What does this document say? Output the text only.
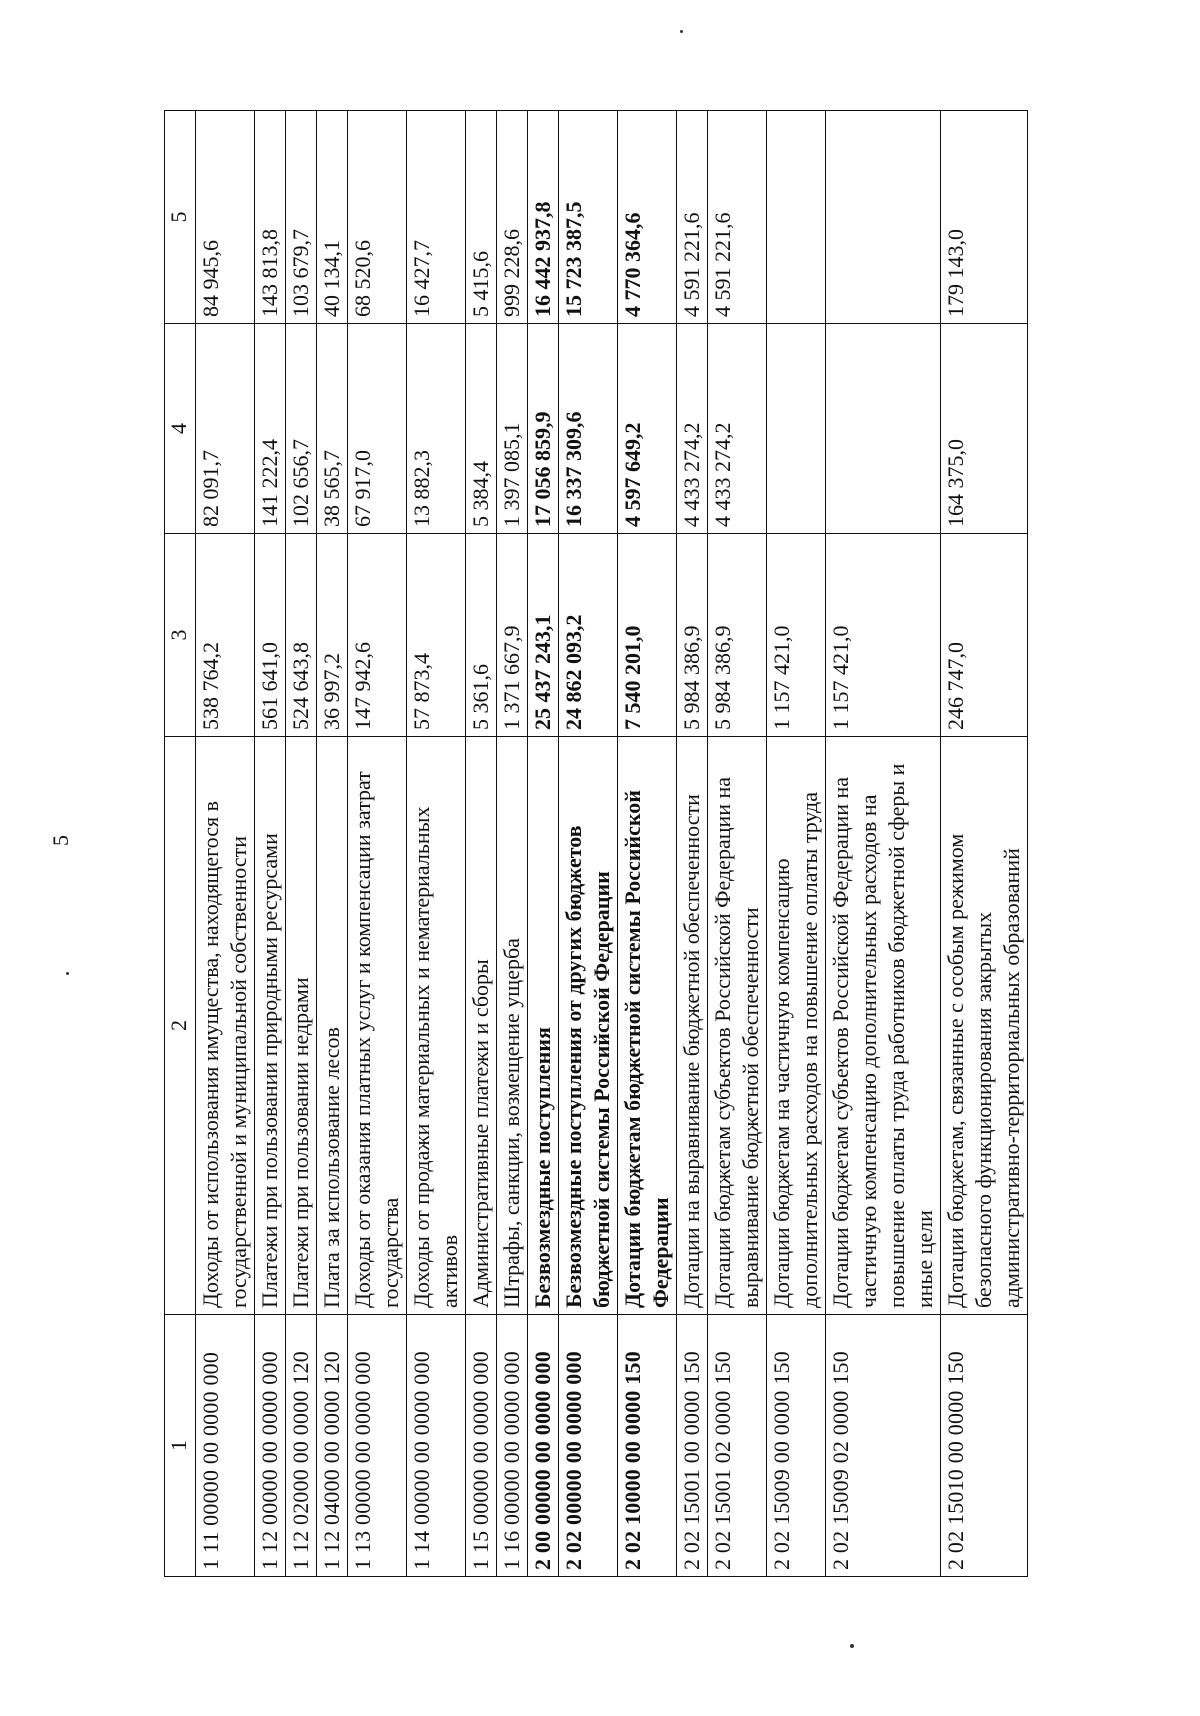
5
1	2	3	4	5
1 11 00000 00 0000 000	Доходы от использования имущества, находящегося в государственной и муниципальной собственности	538 764,2	82 091,7	84 945,6
1 12 00000 00 0000 000	Платежи при пользовании природными ресурсами	561 641,0	141 222,4	143 813,8
1 12 02000 00 0000 120	Платежи при пользовании недрами	524 643,8	102 656,7	103 679,7
1 12 04000 00 0000 120	Плата за использование лесов	36 997,2	38 565,7	40 134,1
1 13 00000 00 0000 000	Доходы от оказания платных услуг и компенсации затрат государства	147 942,6	67 917,0	68 520,6
1 14 00000 00 0000 000	Доходы от продажи материальных и нематериальных активов	57 873,4	13 882,3	16 427,7
1 15 00000 00 0000 000	Административные платежи и сборы	5 361,6	5 384,4	5 415,6
1 16 00000 00 0000 000	Штрафы, санкции, возмещение ущерба	1 371 667,9	1 397 085,1	999 228,6
2 00 00000 00 0000 000	Безвозмездные поступления	25 437 243,1	17 056 859,9	16 442 937,8
2 02 00000 00 0000 000	Безвозмездные поступления от других бюджетов бюджетной системы Российской Федерации	24 862 093,2	16 337 309,6	15 723 387,5
2 02 10000 00 0000 150	Дотации бюджетам бюджетной системы Российской Федерации	7 540 201,0	4 597 649,2	4 770 364,6
2 02 15001 00 0000 150	Дотации на выравнивание бюджетной обеспеченности	5 984 386,9	4 433 274,2	4 591 221,6
2 02 15001 02 0000 150	Дотации бюджетам субъектов Российской Федерации на выравнивание бюджетной обеспеченности	5 984 386,9	4 433 274,2	4 591 221,6
2 02 15009 00 0000 150	Дотации бюджетам на частичную компенсацию дополнительных расходов на повышение оплаты труда	1 157 421,0		
2 02 15009 02 0000 150	Дотации бюджетам субъектов Российской Федерации на частичную компенсацию дополнительных расходов на повышение оплаты труда работников бюджетной сферы и иные цели	1 157 421,0		
2 02 15010 00 0000 150	Дотации бюджетам, связанные с особым режимом безопасного функционирования закрытых административно-территориальных образований	246 747,0	164 375,0	179 143,0
